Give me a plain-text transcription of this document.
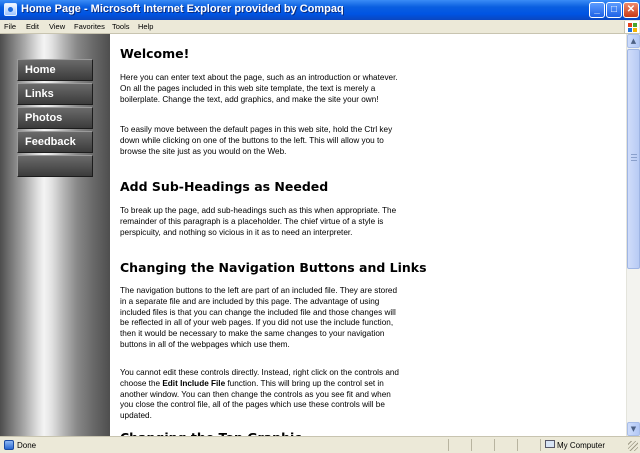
Home Page - Microsoft Internet Explorer provided by Compaq	_	□ ✕
File Edit View Favorites Tools Help
Home
Links
Photos
Feedback
Welcome!

Here you can enter text about the page, such as an introduction or whatever. On all the pages included in this web site template, the text is merely a boilerplate. Change the text, add graphics, and make the site your own!

To easily move between the default pages in this web site, hold the Ctrl key down while clicking on one of the buttons to the left. This will allow you to browse the site just as you would on the Web.

Add Sub-Headings as Needed

To break up the page, add sub-headings such as this when appropriate. The remainder of this paragraph is a placeholder. The chief virtue of a style is perspicuity, and nothing so vicious in it as to need an interpreter.

Changing the Navigation Buttons and Links

The navigation buttons to the left are part of an included file. They are stored in a separate file and are included by this page. The advantage of using included files is that you can change the included file and those changes will be reflected in all of your web pages. If you did not use the include function, then it would be necessary to make the same changes to your navigation buttons in all of the webpages which use them.

You cannot edit these controls directly. Instead, right click on the controls and choose the Edit Include File function. This will bring up the control set in another window. You can then change the controls as you see fit and when you close the control file, all of the pages which use these controls will be updated.

▲
▼
Done	My Computer
